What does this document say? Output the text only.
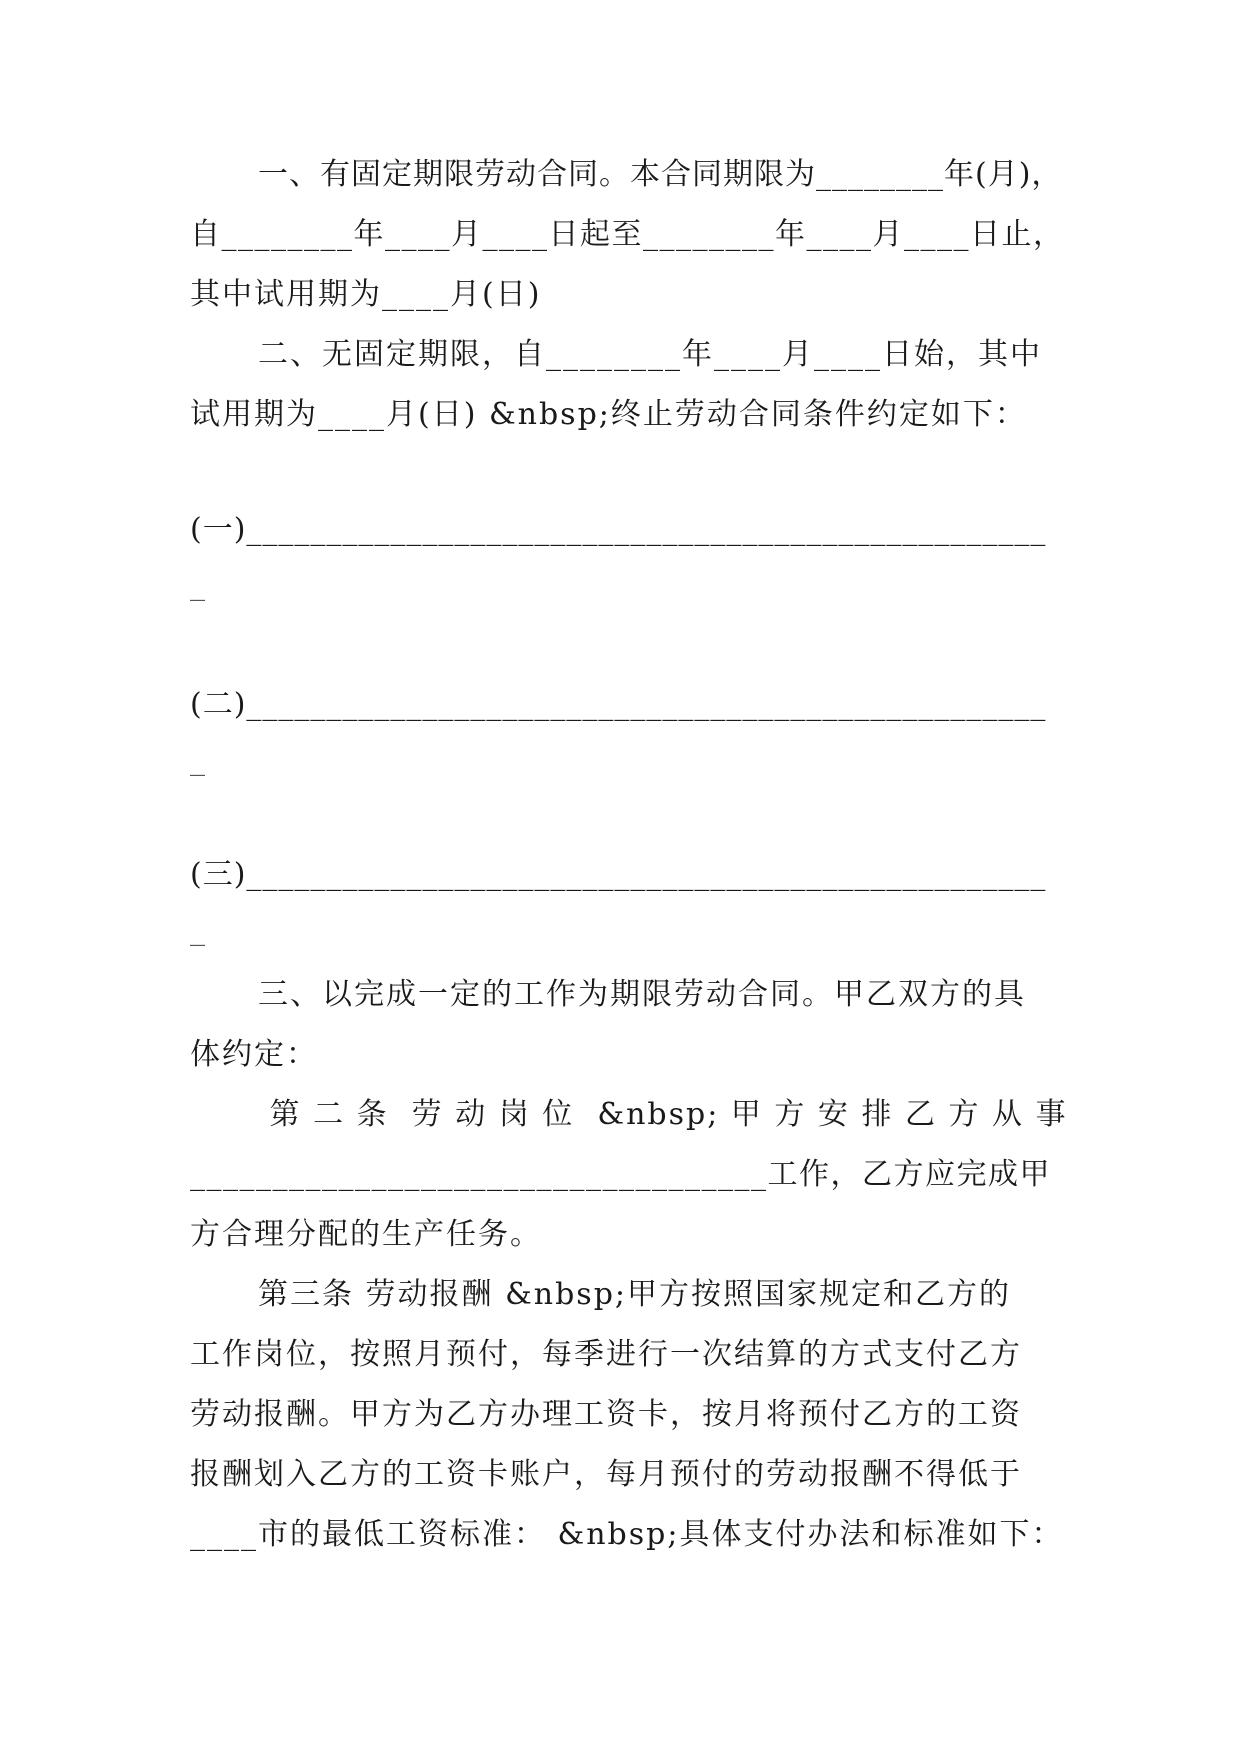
一、有固定期限劳动合同。本合同期限为________年(月)，
自________年____月____日起至________年____月____日止，
其中试用期为____月(日)
二、无固定期限，自________年____月____日始，其中
试用期为____月(日) &nbsp;终止劳动合同条件约定如下：
(一)__________________________________________________
_
(二)__________________________________________________
_
(三)__________________________________________________
_
三、以完成一定的工作为期限劳动合同。甲乙双方的具
体约定：
第 二 条  劳 动 岗 位  &nbsp; 甲 方 安 排 乙 方 从 事
___________________________________工作，乙方应完成甲
方合理分配的生产任务。
第三条 劳动报酬 &nbsp;甲方按照国家规定和乙方的
工作岗位，按照月预付，每季进行一次结算的方式支付乙方
劳动报酬。甲方为乙方办理工资卡，按月将预付乙方的工资
报酬划入乙方的工资卡账户，每月预付的劳动报酬不得低于
____市的最低工资标准： &nbsp;具体支付办法和标准如下：
